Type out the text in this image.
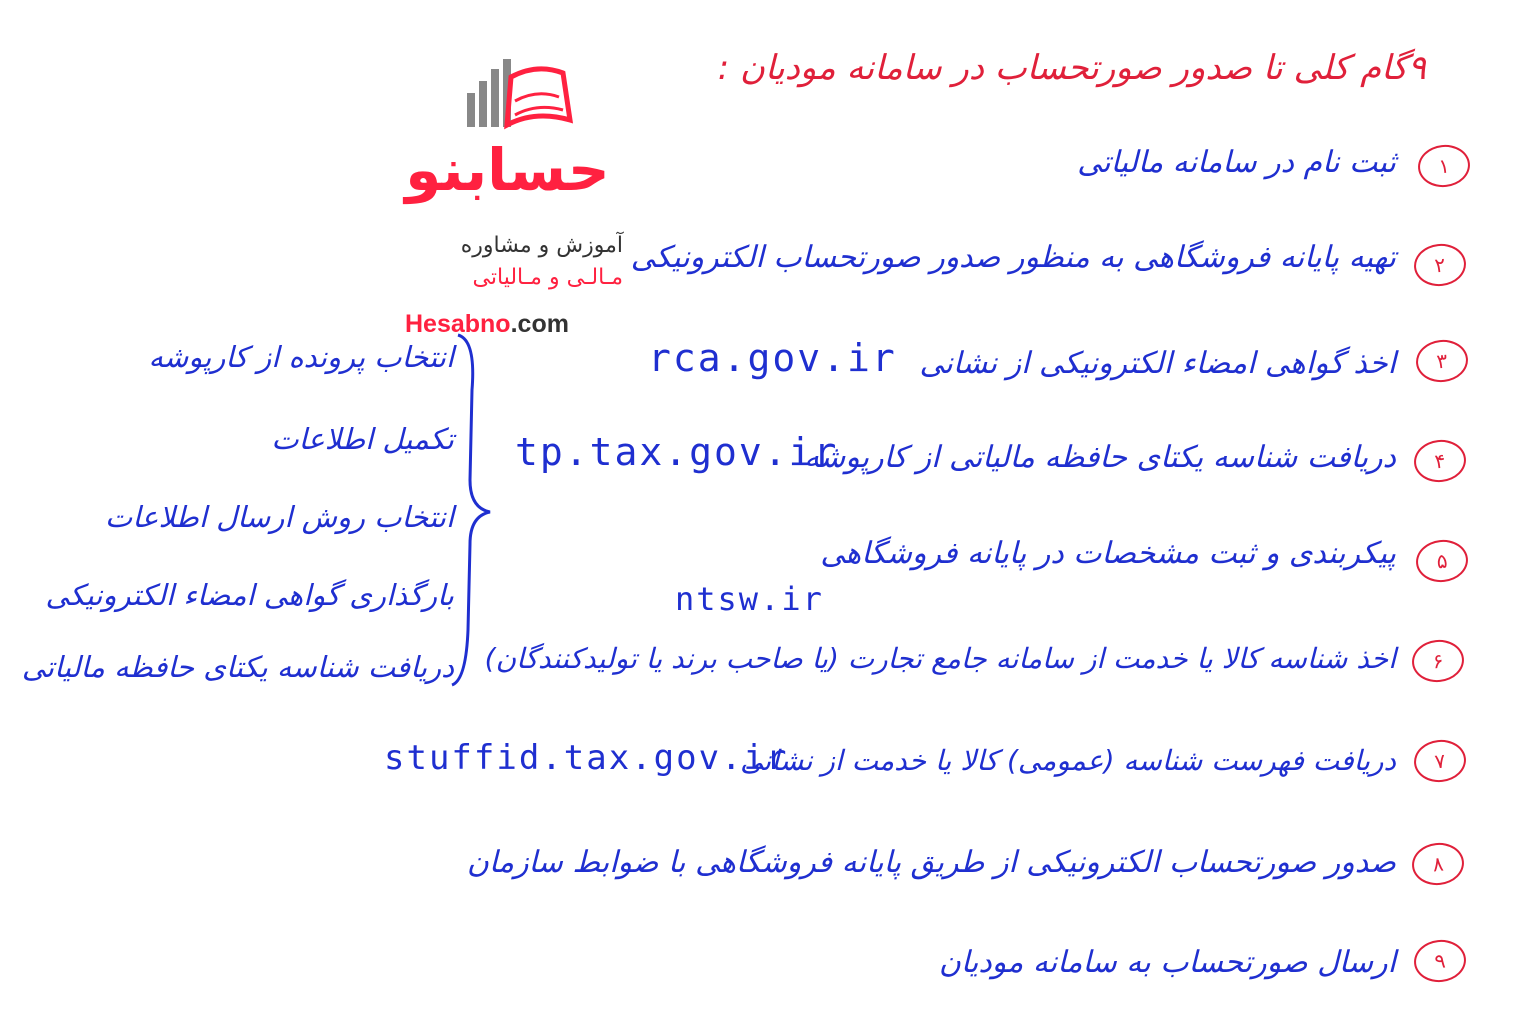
حسابنو
آموزش و مشاوره
مـالـی و مـالیاتی
Hesabno.com
۹گام کلی تا صدور صورتحساب در سامانه مودیان :
۱
ثبت نام در سامانه مالیاتی
۲
تهیه پایانه فروشگاهی به منظور صدور صورتحساب الکترونیکی
۳
اخذ گواهی امضاء الکترونیکی از نشانی
rca.gov.ir
۴
دریافت شناسه یکتای حافظه مالیاتی از کارپوشه
tp.tax.gov.ir
۵
پیکربندی و ثبت مشخصات در پایانه فروشگاهی
ntsw.ir
۶
اخذ شناسه کالا یا خدمت از سامانه جامع تجارت (یا صاحب برند یا تولیدکنندگان)
۷
دریافت فهرست شناسه (عمومی) کالا یا خدمت از نشانی
stuffid.tax.gov.ir
۸
صدور صورتحساب الکترونیکی از طریق پایانه فروشگاهی با ضوابط سازمان
۹
ارسال صورتحساب به سامانه مودیان
انتخاب پرونده از کارپوشه
تکمیل اطلاعات
انتخاب روش ارسال اطلاعات
بارگذاری گواهی امضاء الکترونیکی
دریافت شناسه یکتای حافظه مالیاتی
